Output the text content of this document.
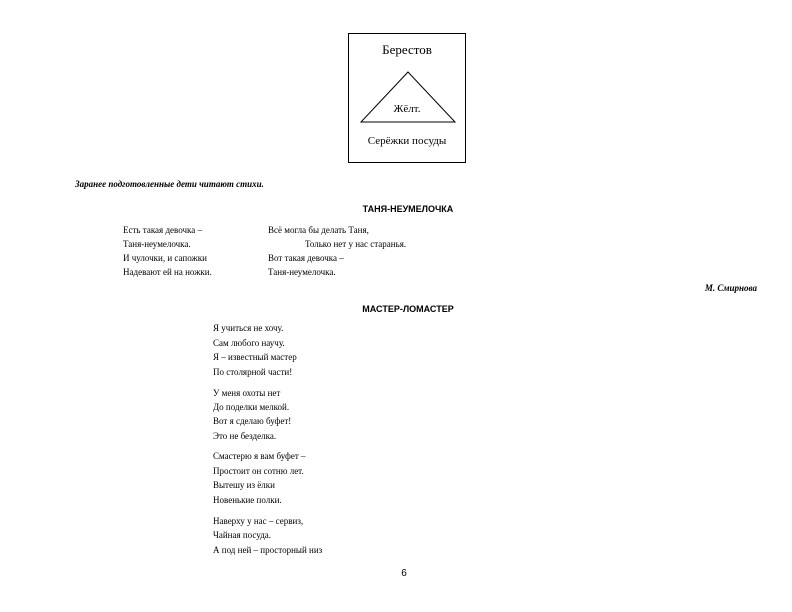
Берестов
Жёлт.
Серёжки посуды
Заранее подготовленные дети читают стихи.
ТАНЯ-НЕУМЕЛОЧКА
Есть такая девочка –
Таня-неумелочка.
И чулочки, и сапожки
Надевают ей на ножки.
Всё могла бы делать Таня,
Только нет у нас старанья.
Вот такая девочка –
Таня-неумелочка.
М. Смирнова
МАСТЕР-ЛОМАСТЕР
Я учиться не хочу.
Сам любого научу.
Я – известный мастер
По столярной части!
У меня охоты нет
До поделки мелкой.
Вот я сделаю буфет!
Это не безделка.
Смастерю я вам буфет –
Простоит он сотню лет.
Вытешу из ёлки
Новенькие полки.
Наверху у нас – сервиз,
Чайная посуда.
А под ней – просторный низ
6
